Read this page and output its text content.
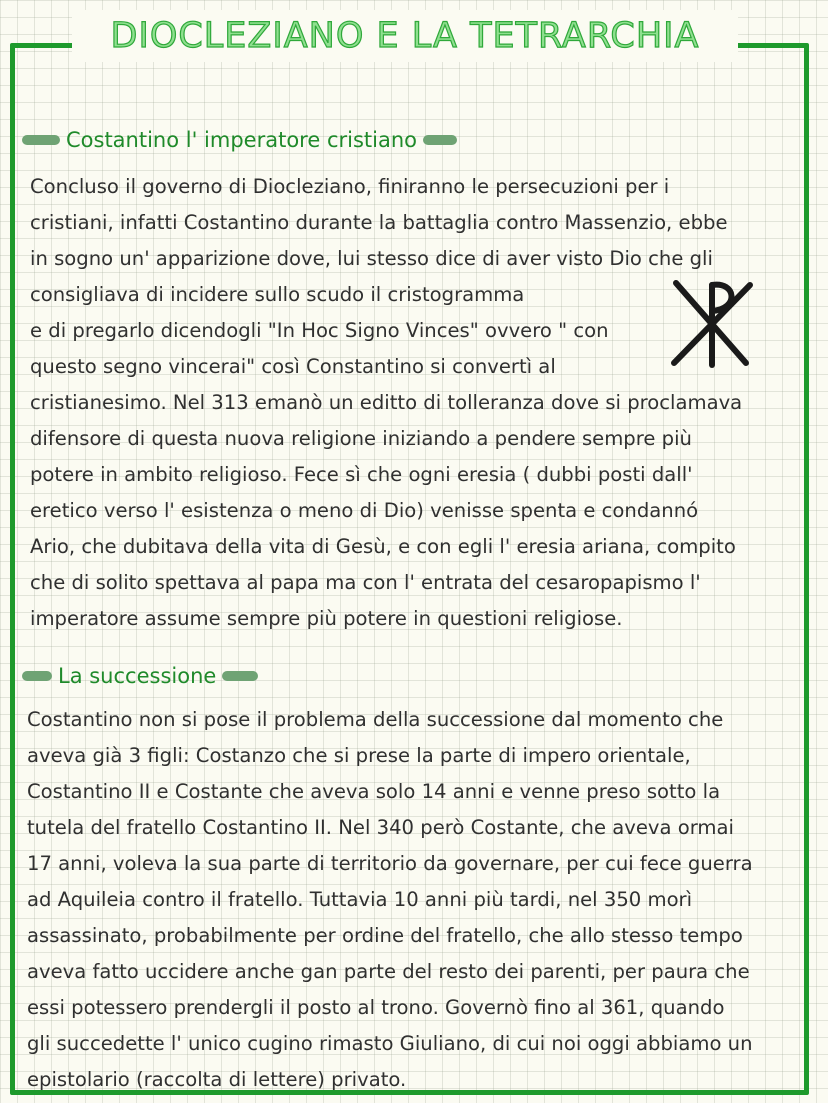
DIOCLEZIANO E LA TETRARCHIA
Costantino l' imperatore cristiano
Concluso il governo di Diocleziano, finiranno le persecuzioni per i
cristiani, infatti Costantino durante la battaglia contro Massenzio, ebbe
in sogno un' apparizione dove, lui stesso dice di aver visto Dio che gli
consigliava di incidere sullo scudo il cristogramma
e di pregarlo dicendogli "In Hoc Signo Vinces" ovvero " con
questo segno vincerai" così Constantino si convertì al
cristianesimo. Nel 313 emanò un editto di tolleranza dove si proclamava
difensore di questa nuova religione iniziando a pendere sempre più
potere in ambito religioso. Fece sì che ogni eresia ( dubbi posti dall'
eretico verso l' esistenza o meno di Dio) venisse spenta e condannó
Ario, che dubitava della vita di Gesù, e con egli l' eresia ariana, compito
che di solito spettava al papa ma con l' entrata del cesaropapismo l'
imperatore assume sempre più potere in questioni religiose.
La successione
Costantino non si pose il problema della successione dal momento che
aveva già 3 figli: Costanzo che si prese la parte di impero orientale,
Costantino II e Costante che aveva solo 14 anni e venne preso sotto la
tutela del fratello Costantino II. Nel 340 però Costante, che aveva ormai
17 anni, voleva la sua parte di territorio da governare, per cui fece guerra
ad Aquileia contro il fratello. Tuttavia 10 anni più tardi, nel 350 morì
assassinato, probabilmente per ordine del fratello, che allo stesso tempo
aveva fatto uccidere anche gan parte del resto dei parenti, per paura che
essi potessero prendergli il posto al trono. Governò fino al 361, quando
gli succedette l' unico cugino rimasto Giuliano, di cui noi oggi abbiamo un
epistolario (raccolta di lettere) privato.
